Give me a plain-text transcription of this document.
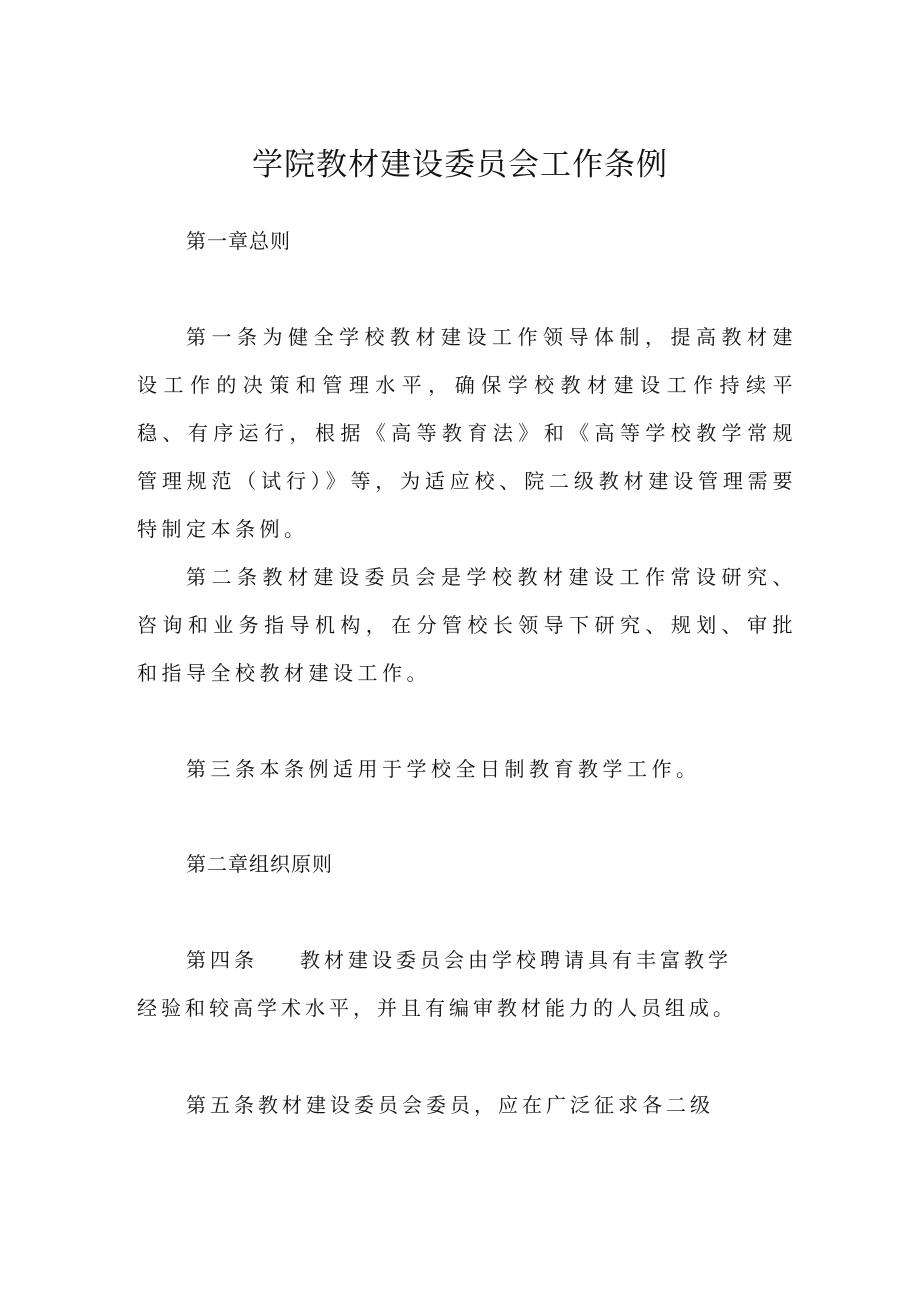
学院教材建设委员会工作条例

第一章总则

第一条为健全学校教材建设工作领导体制，提高教材建设工作的决策和管理水平，确保学校教材建设工作持续平稳、有序运行，根据《高等教育法》和《高等学校教学常规管理规范（试行）》等，为适应校、院二级教材建设管理需要特制定本条例。

第二条教材建设委员会是学校教材建设工作常设研究、咨询和业务指导机构，在分管校长领导下研究、规划、审批和指导全校教材建设工作。

第三条本条例适用于学校全日制教育教学工作。

第二章组织原则

第四条 教材建设委员会由学校聘请具有丰富教学

经验和较高学术水平，并且有编审教材能力的人员组成。

第五条教材建设委员会委员，应在广泛征求各二级
